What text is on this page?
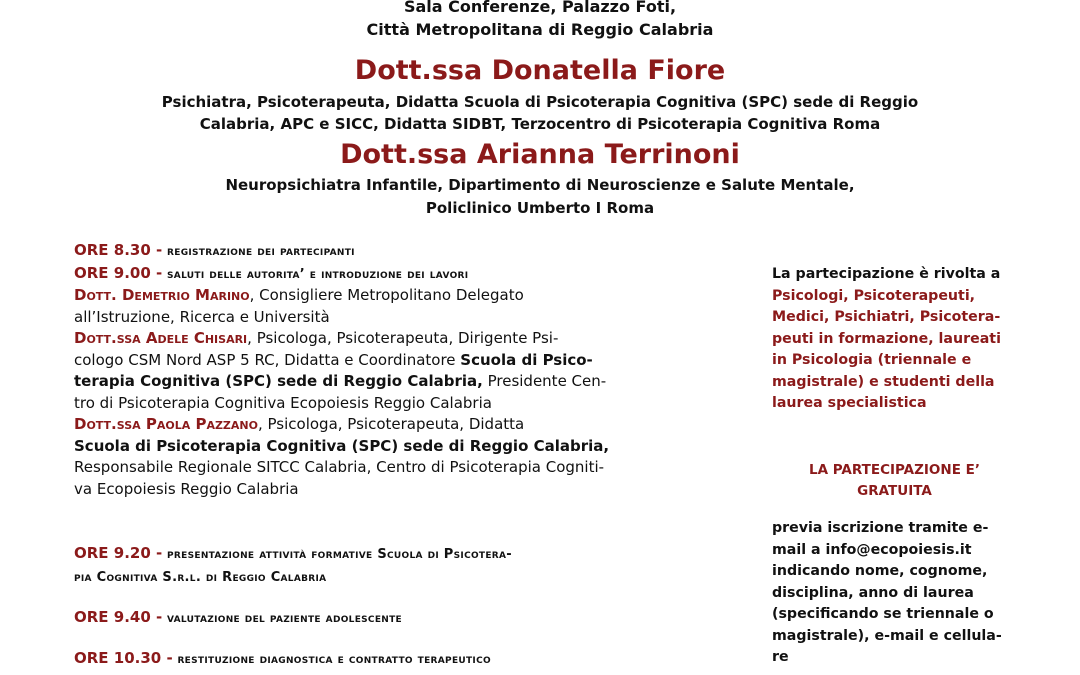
Sala Conferenze, Palazzo Foti,
Città Metropolitana di Reggio Calabria
Dott.ssa Donatella Fiore
Psichiatra, Psicoterapeuta, Didatta Scuola di Psicoterapia Cognitiva (SPC) sede di Reggio
Calabria, APC e SICC, Didatta SIDBT, Terzocentro di Psicoterapia Cognitiva Roma
Dott.ssa Arianna Terrinoni
Neuropsichiatra Infantile, Dipartimento di Neuroscienze e Salute Mentale,
Policlinico Umberto I Roma

ORE 8.30 - registrazione dei partecipanti

ORE 9.00 - saluti delle autorita’ e introduzione dei lavori

Dott. Demetrio Marino, Consigliere Metropolitano Delegato

all’Istruzione, Ricerca e Università

Dott.ssa Adele Chisari, Psicologa, Psicoterapeuta, Dirigente Psi-

cologo CSM Nord ASP 5 RC, Didatta e Coordinatore Scuola di Psico-

terapia Cognitiva (SPC) sede di Reggio Calabria, Presidente Cen-

tro di Psicoterapia Cognitiva Ecopoiesis Reggio Calabria

Dott.ssa Paola Pazzano, Psicologa, Psicoterapeuta, Didatta

Scuola di Psicoterapia Cognitiva (SPC) sede di Reggio Calabria,

Responsabile Regionale SITCC Calabria, Centro di Psicoterapia Cogniti-

va Ecopoiesis Reggio Calabria

ORE 9.20 - presentazione attività formative Scuola di Psicotera-

pia Cognitiva S.r.l. di Reggio Calabria

ORE 9.40 - valutazione del paziente adolescente

ORE 10.30 - restituzione diagnostica e contratto terapeutico

La partecipazione è rivolta a
Psicologi, Psicoterapeuti,
Medici, Psichiatri, Psicotera-
peuti in formazione, laureati
in Psicologia (triennale e
magistrale) e studenti della
laurea specialistica
LA PARTECIPAZIONE E’
GRATUITA
previa iscrizione tramite e-
mail a info@ecopoiesis.it
indicando nome, cognome,
disciplina, anno di laurea
(specificando se triennale o
magistrale), e-mail e cellula-
re
